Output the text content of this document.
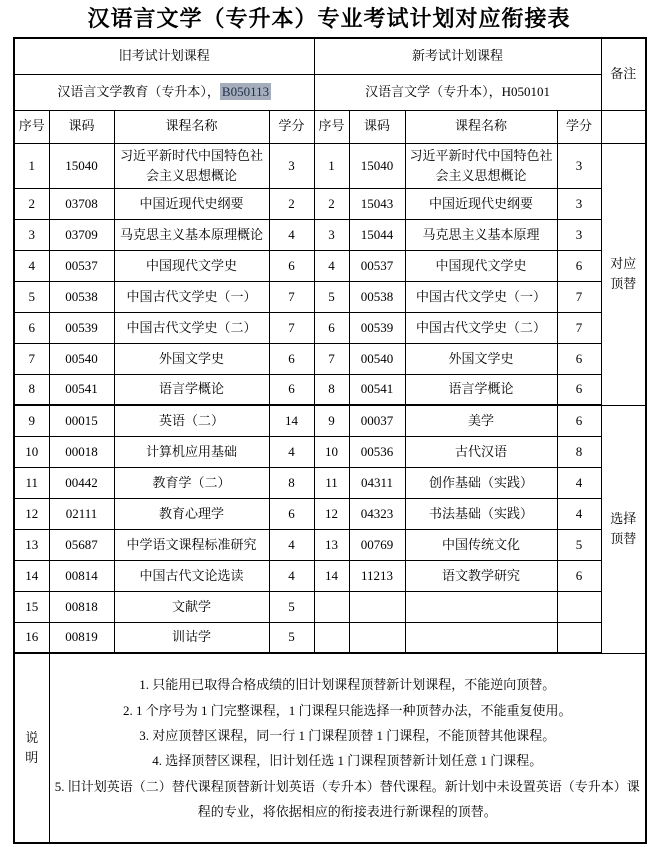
汉语言文学（专升本）专业考试计划对应衔接表
旧考试计划课程				新考试计划课程				备注
汉语言文学教育（专升本）， B050113				汉语言文学（专升本），H050101				
序号	课码	课程名称	学分	序号	课码	课程名称	学分	
1	15040	习近平新时代中国特色社会主义思想概论	3	1	15040	习近平新时代中国特色社会主义思想概论	3	对应顶替
2	03708	中国近现代史纲要	2	2	15043	中国近现代史纲要	3	
3	03709	马克思主义基本原理概论	4	3	15044	马克思主义基本原理	3	
4	00537	中国现代文学史	6	4	00537	中国现代文学史	6	
5	00538	中国古代文学史（一）	7	5	00538	中国古代文学史（一）	7	
6	00539	中国古代文学史（二）	7	6	00539	中国古代文学史（二）	7	
7	00540	外国文学史	6	7	00540	外国文学史	6	
8	00541	语言学概论	6	8	00541	语言学概论	6	
9	00015	英语（二）	14	9	00037	美学	6	选择顶替
10	00018	计算机应用基础	4	10	00536	古代汉语	8	
11	00442	教育学（二）	8	11	04311	创作基础（实践）	4	
12	02111	教育心理学	6	12	04323	书法基础（实践）	4	
13	05687	中学语文课程标准研究	4	13	00769	中国传统文化	5	
14	00814	中国古代文论选读	4	14	11213	语文教学研究	6	
15	00818	文献学	5					
16	00819	训诂学	5					
说
明	
1. 只能用已取得合格成绩的旧计划课程顶替新计划课程，不能逆向顶替。
2. 1 个序号为 1 门完整课程，1 门课程只能选择一种顶替办法，不能重复使用。
3. 对应顶替区课程，同一行 1 门课程顶替 1 门课程，不能顶替其他课程。
4. 选择顶替区课程，旧计划任选 1 门课程顶替新计划任意 1 门课程。
5. 旧计划英语（二）替代课程顶替新计划英语（专升本）替代课程。新计划中未设置英语（专升本）课程的专业，将依据相应的衔接表进行新课程的顶替。
